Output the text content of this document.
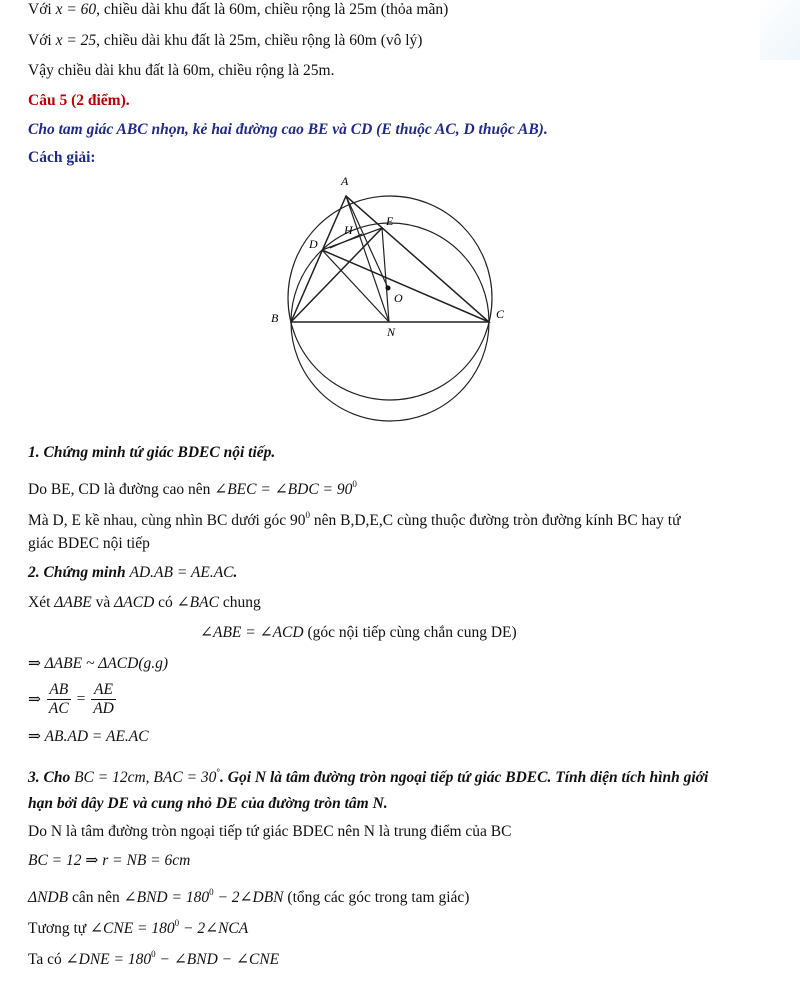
Với x = 60, chiều dài khu đất là 60m, chiều rộng là 25m (thỏa mãn)
Với x = 25, chiều dài khu đất là 25m, chiều rộng là 60m (vô lý)
Vậy chiều dài khu đất là 60m, chiều rộng là 25m.
Câu 5 (2 điểm).
Cho tam giác ABC nhọn, kẻ hai đường cao BE và CD (E thuộc AC, D thuộc AB).
Cách giải:
A
B	C
D
E
H
O
N
1. Chứng minh tứ giác BDEC nội tiếp.
Do BE, CD là đường cao nên ∠BEC = ∠BDC = $90^0$
Mà D, E kề nhau, cùng nhìn BC dưới góc $90^0$ nên B,D,E,C cùng thuộc đường tròn đường kính BC hay tứ
giác BDEC nội tiếp
2. Chứng minh AD.AB = AE.AC.
Xét ΔABE và ΔACD có ∠BAC chung
∠ABE = ∠ACD (góc nội tiếp cùng chắn cung DE)
⇒ ΔABE ~ ΔACD(g.g)
⇒ $\frac{AB}{AC} = \frac{AE}{AD}$
⇒ AB.AD = AE.AC
3. Cho BC = 12cm, BAC = 30°. Gọi N là tâm đường tròn ngoại tiếp tứ giác BDEC. Tính diện tích hình giới
hạn bởi dây DE và cung nhỏ DE của đường tròn tâm N.
Do N là tâm đường tròn ngoại tiếp tứ giác BDEC nên N là trung điểm của BC
BC = 12 ⇒ r = NB = 6cm
ΔNDB cân nên ∠BND = $180^0$ − 2∠DBN (tổng các góc trong tam giác)
Tương tự ∠CNE = $180^0$ − 2∠NCA
Ta có ∠DNE = $180^0$ − ∠BND − ∠CNE
